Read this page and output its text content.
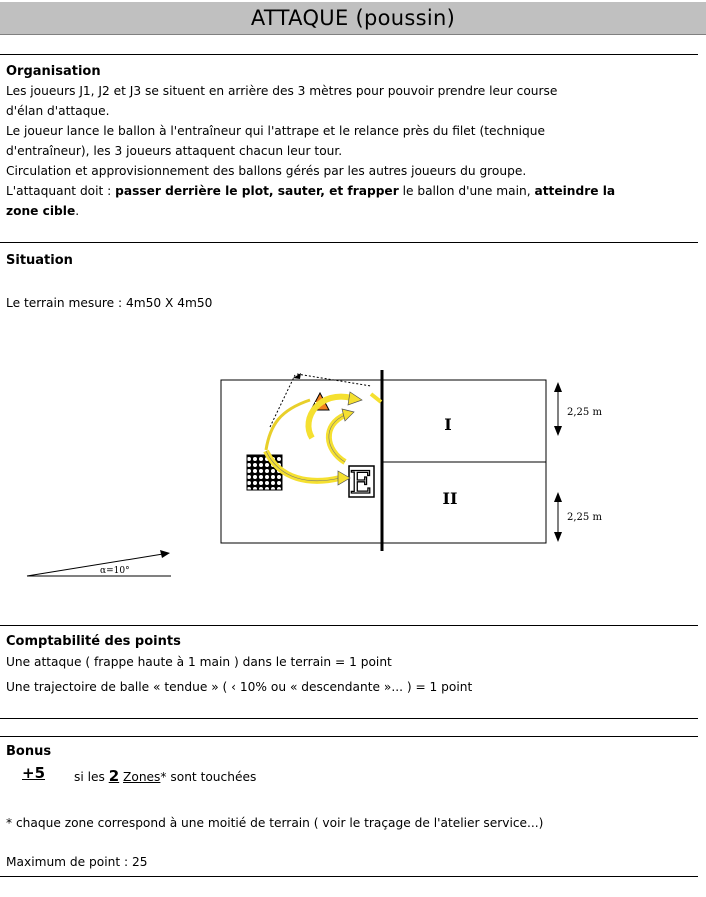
ATTAQUE (poussin)
Organisation
Les joueurs J1, J2 et J3 se situent en arrière des 3 mètres pour pouvoir prendre leur course
d'élan d'attaque.
Le joueur lance le ballon à l'entraîneur qui l'attrape et le relance près du filet (technique
d'entraîneur), les 3 joueurs attaquent chacun leur tour.
Circulation et approvisionnement des ballons gérés par les autres joueurs du groupe.
L'attaquant doit : passer derrière le plot, sauter, et frapper le ballon d'une main, atteindre la
zone cible.
Situation
Le terrain mesure : 4m50 X 4m50
I
II
2,25 m
2,25 m
E
α=10°
Comptabilité des points
Une attaque ( frappe haute à 1 main ) dans le terrain = 1 point
Une trajectoire de balle « tendue » ( ‹ 10% ou « descendante »... ) = 1 point
Bonus
+5 si les 2 Zones* sont touchées
* chaque zone correspond à une moitié de terrain ( voir le traçage de l'atelier service...)
Maximum de point : 25
